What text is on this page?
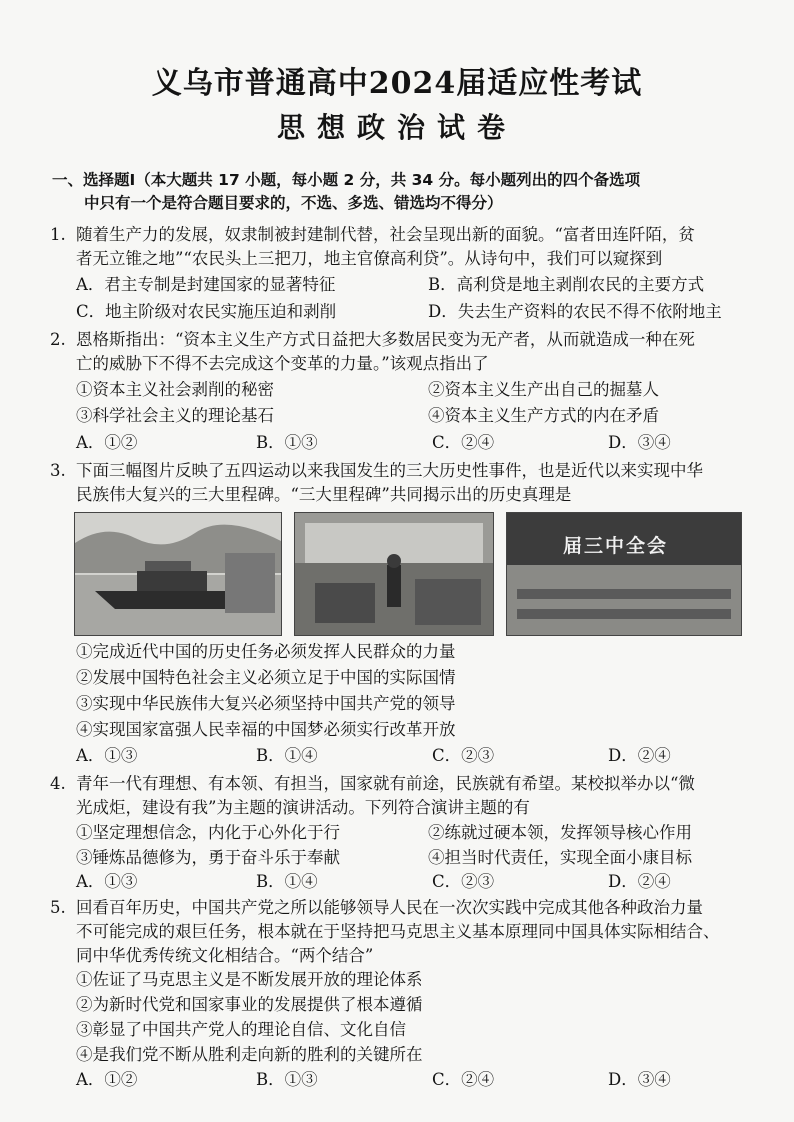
义乌市普通高中2024届适应性考试
思想政治试卷
一、选择题Ⅰ（本大题共 17 小题，每小题 2 分，共 34 分。每小题列出的四个备选项
中只有一个是符合题目要求的，不选、多选、错选均不得分）
1. 随着生产力的发展，奴隶制被封建制代替，社会呈现出新的面貌。“富者田连阡陌，贫
者无立锥之地”“农民头上三把刀，地主官僚高利贷”。从诗句中，我们可以窥探到
A．君主专制是封建国家的显著特征	B．高利贷是地主剥削农民的主要方式
C．地主阶级对农民实施压迫和剥削	D．失去生产资料的农民不得不依附地主
2. 恩格斯指出：“资本主义生产方式日益把大多数居民变为无产者，从而就造成一种在死
亡的威胁下不得不去完成这个变革的力量。”该观点指出了
①资本主义社会剥削的秘密	②资本主义生产出自己的掘墓人
③科学社会主义的理论基石	④资本主义生产方式的内在矛盾
A．①②	B．①③	C．②④	D．③④
3. 下面三幅图片反映了五四运动以来我国发生的三大历史性事件，也是近代以来实现中华
民族伟大复兴的三大里程碑。“三大里程碑”共同揭示出的历史真理是
届三中全会
①完成近代中国的历史任务必须发挥人民群众的力量
②发展中国特色社会主义必须立足于中国的实际国情
③实现中华民族伟大复兴必须坚持中国共产党的领导
④实现国家富强人民幸福的中国梦必须实行改革开放
A．①③	B．①④	C．②③	D．②④
4. 青年一代有理想、有本领、有担当，国家就有前途，民族就有希望。某校拟举办以“微
光成炬，建设有我”为主题的演讲活动。下列符合演讲主题的有
①坚定理想信念，内化于心外化于行	②练就过硬本领，发挥领导核心作用
③锤炼品德修为，勇于奋斗乐于奉献	④担当时代责任，实现全面小康目标
A．①③	B．①④	C．②③	D．②④
5. 回看百年历史，中国共产党之所以能够领导人民在一次次实践中完成其他各种政治力量
不可能完成的艰巨任务，根本就在于坚持把马克思主义基本原理同中国具体实际相结合、
同中华优秀传统文化相结合。“两个结合”
①佐证了马克思主义是不断发展开放的理论体系
②为新时代党和国家事业的发展提供了根本遵循
③彰显了中国共产党人的理论自信、文化自信
④是我们党不断从胜利走向新的胜利的关键所在
A．①②	B．①③	C．②④	D．③④
